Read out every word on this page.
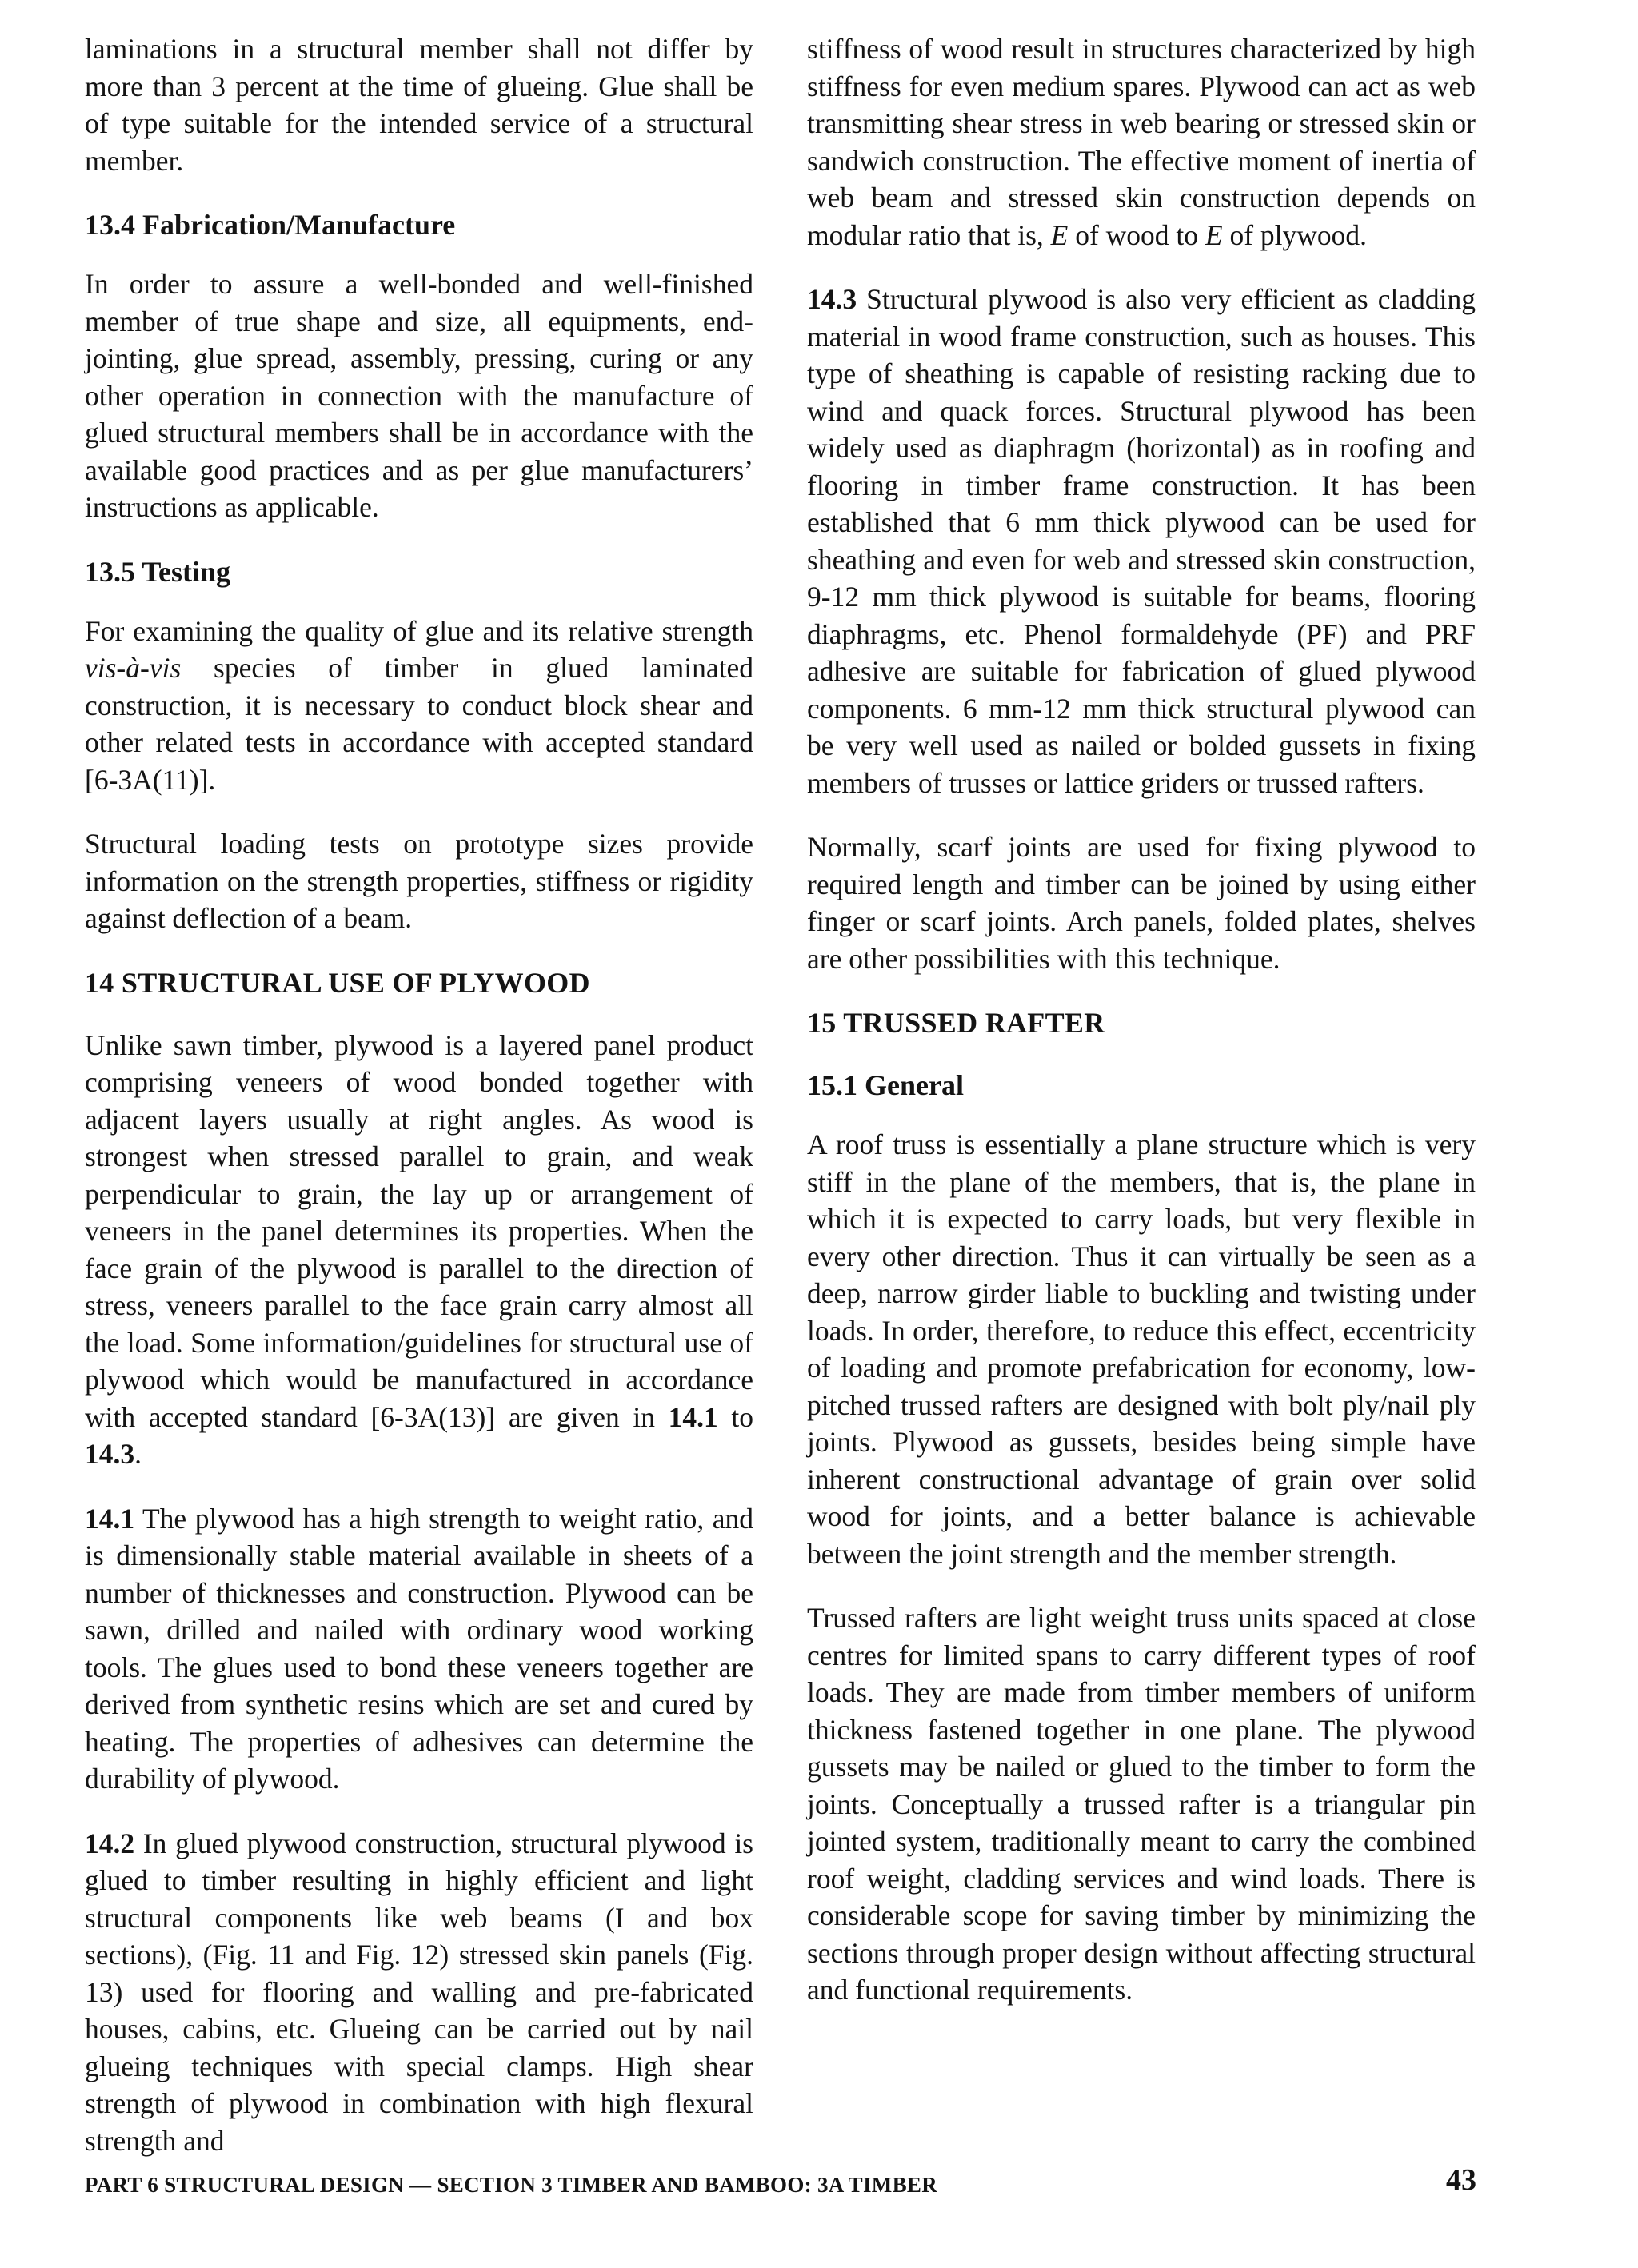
laminations in a structural member shall not differ by more than 3 percent at the time of glueing. Glue shall be of type suitable for the intended service of a structural member.

13.4 Fabrication/Manufacture

In order to assure a well-bonded and well-finished member of true shape and size, all equipments, end-jointing, glue spread, assembly, pressing, curing or any other operation in connection with the manufacture of glued structural members shall be in accordance with the available good practices and as per glue manufacturers’ instructions as applicable.

13.5 Testing

For examining the quality of glue and its relative strength vis-à-vis species of timber in glued laminated construction, it is necessary to conduct block shear and other related tests in accordance with accepted standard [6-3A(11)].

Structural loading tests on prototype sizes provide information on the strength properties, stiffness or rigidity against deflection of a beam.

14 STRUCTURAL USE OF PLYWOOD

Unlike sawn timber, plywood is a layered panel product comprising veneers of wood bonded together with adjacent layers usually at right angles. As wood is strongest when stressed parallel to grain, and weak perpendicular to grain, the lay up or arrangement of veneers in the panel determines its properties. When the face grain of the plywood is parallel to the direction of stress, veneers parallel to the face grain carry almost all the load. Some information/guidelines for structural use of plywood which would be manufactured in accordance with accepted standard [6-3A(13)] are given in 14.1 to 14.3.

14.1 The plywood has a high strength to weight ratio, and is dimensionally stable material available in sheets of a number of thicknesses and construction. Plywood can be sawn, drilled and nailed with ordinary wood working tools. The glues used to bond these veneers together are derived from synthetic resins which are set and cured by heating. The properties of adhesives can determine the durability of plywood.

14.2 In glued plywood construction, structural plywood is glued to timber resulting in highly efficient and light structural components like web beams (I and box sections), (Fig. 11 and Fig. 12) stressed skin panels (Fig. 13) used for flooring and walling and pre-fabricated houses, cabins, etc. Glueing can be carried out by nail glueing techniques with special clamps. High shear strength of plywood in combination with high flexural strength and

stiffness of wood result in structures characterized by high stiffness for even medium spares. Plywood can act as web transmitting shear stress in web bearing or stressed skin or sandwich construction. The effective moment of inertia of web beam and stressed skin construction depends on modular ratio that is, E of wood to E of plywood.

14.3 Structural plywood is also very efficient as cladding material in wood frame construction, such as houses. This type of sheathing is capable of resisting racking due to wind and quack forces. Structural plywood has been widely used as diaphragm (horizontal) as in roofing and flooring in timber frame construction. It has been established that 6 mm thick plywood can be used for sheathing and even for web and stressed skin construction, 9-12 mm thick plywood is suitable for beams, flooring diaphragms, etc. Phenol formaldehyde (PF) and PRF adhesive are suitable for fabrication of glued plywood components. 6 mm-12 mm thick structural plywood can be very well used as nailed or bolded gussets in fixing members of trusses or lattice griders or trussed rafters.

Normally, scarf joints are used for fixing plywood to required length and timber can be joined by using either finger or scarf joints. Arch panels, folded plates, shelves are other possibilities with this technique.

15 TRUSSED RAFTER
15.1 General

A roof truss is essentially a plane structure which is very stiff in the plane of the members, that is, the plane in which it is expected to carry loads, but very flexible in every other direction. Thus it can virtually be seen as a deep, narrow girder liable to buckling and twisting under loads. In order, therefore, to reduce this effect, eccentricity of loading and promote prefabrication for economy, low-pitched trussed rafters are designed with bolt ply/nail ply joints. Plywood as gussets, besides being simple have inherent constructional advantage of grain over solid wood for joints, and a better balance is achievable between the joint strength and the member strength.

Trussed rafters are light weight truss units spaced at close centres for limited spans to carry different types of roof loads. They are made from timber members of uniform thickness fastened together in one plane. The plywood gussets may be nailed or glued to the timber to form the joints. Conceptually a trussed rafter is a triangular pin jointed system, traditionally meant to carry the combined roof weight, cladding services and wind loads. There is considerable scope for saving timber by minimizing the sections through proper design without affecting structural and functional requirements.

PART 6 STRUCTURAL DESIGN — SECTION 3 TIMBER AND BAMBOO: 3A TIMBER	43
